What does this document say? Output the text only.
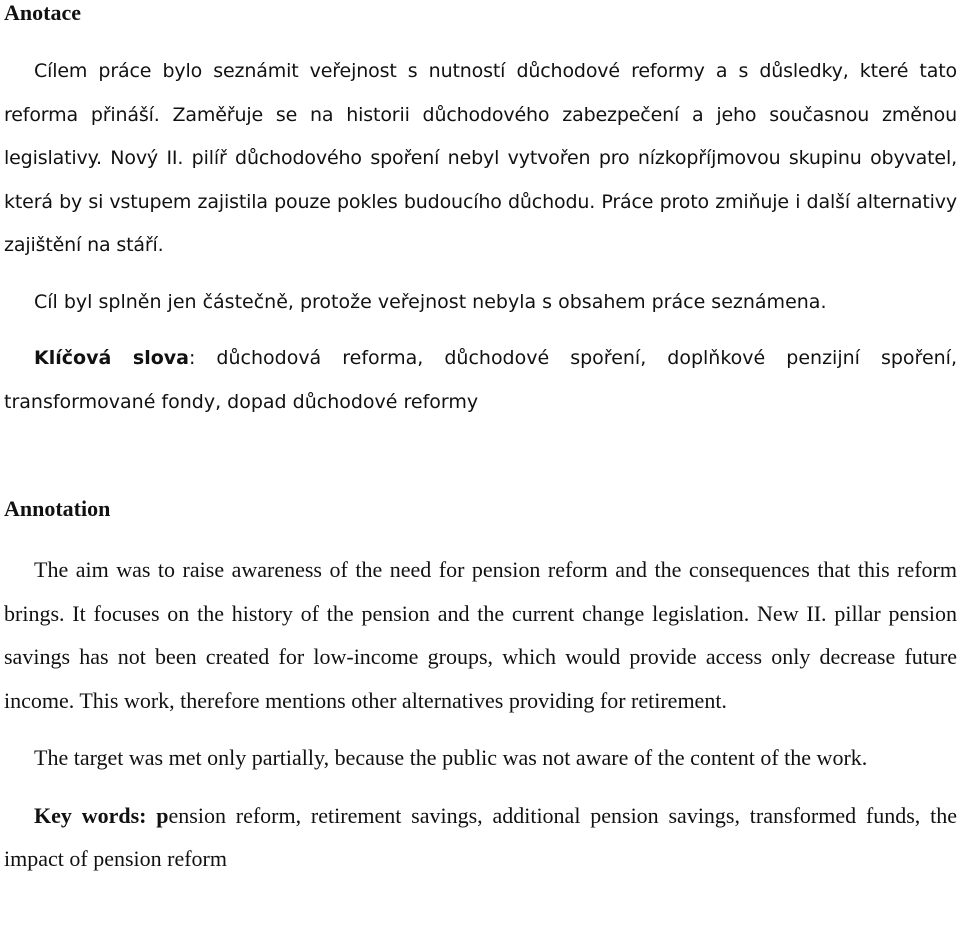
Anotace

Cílem práce bylo seznámit veřejnost s nutností důchodové reformy a s důsledky, které tato reforma přináší. Zaměřuje se na historii důchodového zabezpečení a jeho současnou změnou legislativy. Nový II. pilíř důchodového spoření nebyl vytvořen pro nízkopříjmovou skupinu obyvatel, která by si vstupem zajistila pouze pokles budoucího důchodu. Práce proto zmiňuje i další alternativy zajištění na stáří.

Cíl byl splněn jen částečně, protože veřejnost nebyla s obsahem práce seznámena.

Klíčová slova: důchodová reforma, důchodové spoření, doplňkové penzijní spoření, transformované fondy, dopad důchodové reformy

Annotation

The aim was to raise awareness of the need for pension reform and the consequences that this reform brings. It focuses on the history of the pension and the current change legislation. New II. pillar pension savings has not been created for low-income groups, which would provide access only decrease future income. This work, therefore mentions other alternatives providing for retirement.

The target was met only partially, because the public was not aware of the content of the work.

Key words: pension reform, retirement savings, additional pension savings, transformed funds, the impact of pension reform
